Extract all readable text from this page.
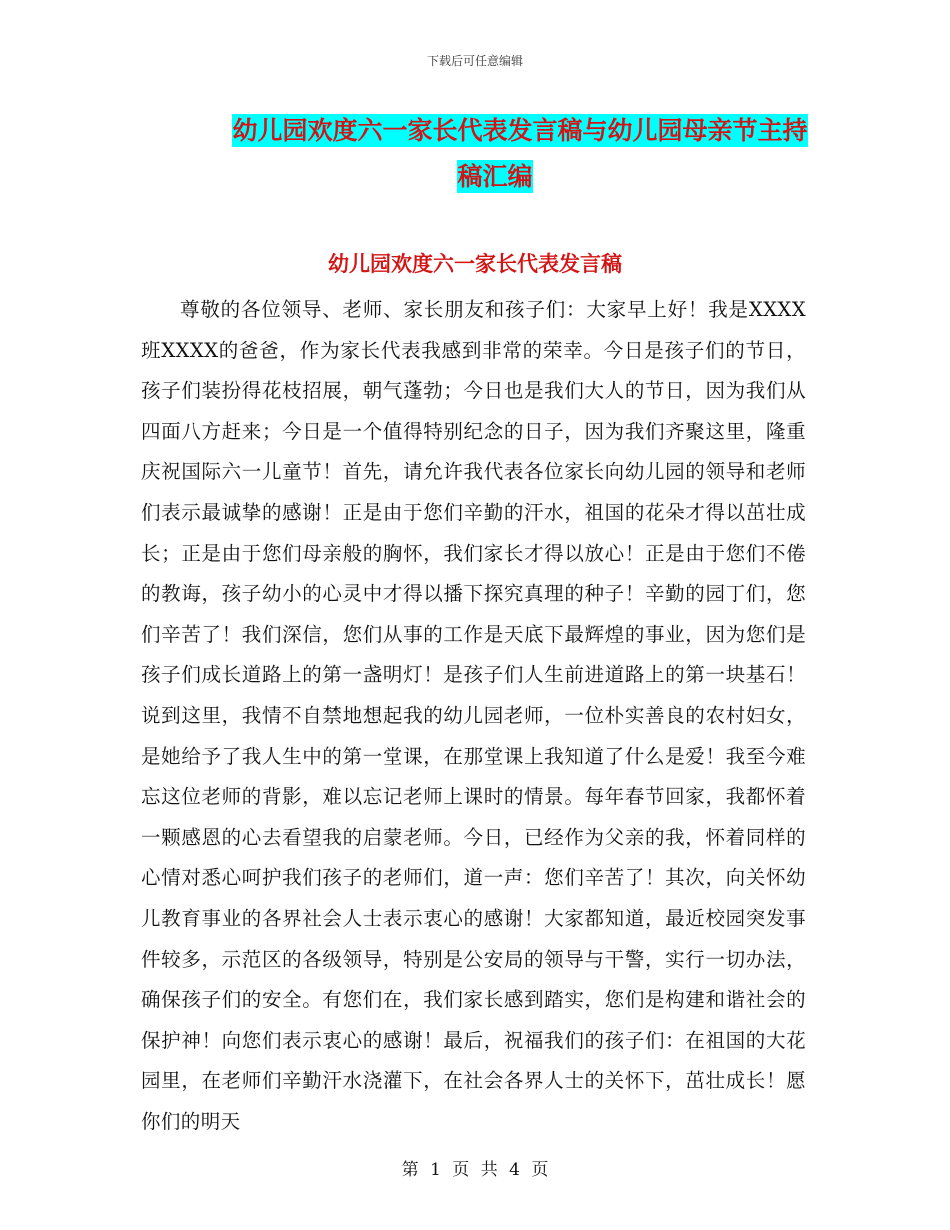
下载后可任意编辑
幼儿园欢度六一家长代表发言稿与幼儿园母亲节主持
稿汇编
幼儿园欢度六一家长代表发言稿

尊敬的各位领导、老师、家长朋友和孩子们：大家早上好！我是XXXX班XXXX的爸爸，作为家长代表我感到非常的荣幸。今日是孩子们的节日，孩子们装扮得花枝招展，朝气蓬勃；今日也是我们大人的节日，因为我们从四面八方赶来；今日是一个值得特别纪念的日子，因为我们齐聚这里，隆重庆祝国际六一儿童节！首先，请允许我代表各位家长向幼儿园的领导和老师们表示最诚挚的感谢！正是由于您们辛勤的汗水，祖国的花朵才得以茁壮成长；正是由于您们母亲般的胸怀，我们家长才得以放心！正是由于您们不倦的教诲，孩子幼小的心灵中才得以播下探究真理的种子！辛勤的园丁们，您们辛苦了！我们深信，您们从事的工作是天底下最辉煌的事业，因为您们是孩子们成长道路上的第一盏明灯！是孩子们人生前进道路上的第一块基石！说到这里，我情不自禁地想起我的幼儿园老师，一位朴实善良的农村妇女，是她给予了我人生中的第一堂课，在那堂课上我知道了什么是爱！我至今难忘这位老师的背影，难以忘记老师上课时的情景。每年春节回家，我都怀着一颗感恩的心去看望我的启蒙老师。今日，已经作为父亲的我，怀着同样的心情对悉心呵护我们孩子的老师们，道一声：您们辛苦了！其次，向关怀幼儿教育事业的各界社会人士表示衷心的感谢！大家都知道，最近校园突发事件较多，示范区的各级领导，特别是公安局的领导与干警，实行一切办法，确保孩子们的安全。有您们在，我们家长感到踏实，您们是构建和谐社会的保护神！向您们表示衷心的感谢！最后，祝福我们的孩子们：在祖国的大花园里，在老师们辛勤汗水浇灌下，在社会各界人士的关怀下，茁壮成长！愿你们的明天

第 1 页 共 4 页
